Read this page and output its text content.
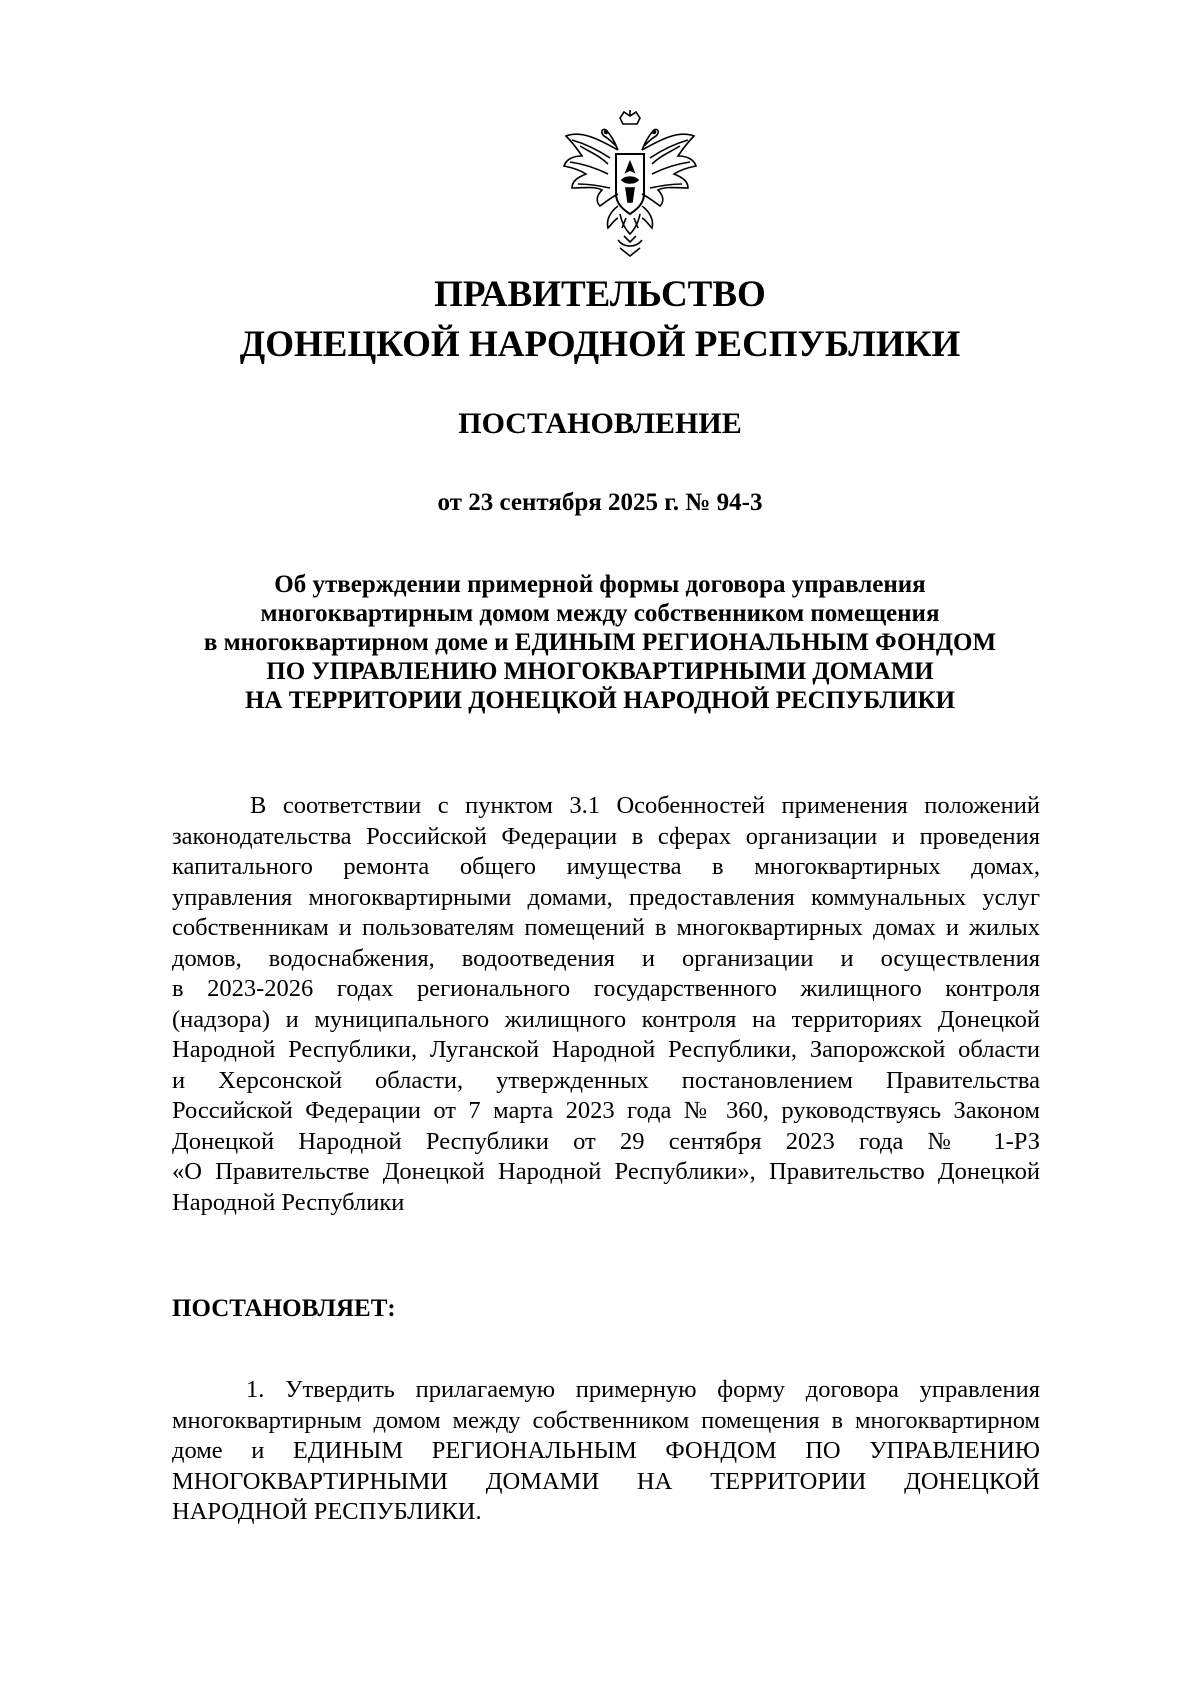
ПРАВИТЕЛЬСТВО
ДОНЕЦКОЙ НАРОДНОЙ РЕСПУБЛИКИ
ПОСТАНОВЛЕНИЕ

от 23 сентября 2025 г. № 94-3

Об утверждении примерной формы договора управления
многоквартирным домом между собственником помещения
в многоквартирном доме и ЕДИНЫМ РЕГИОНАЛЬНЫМ ФОНДОМ
ПО УПРАВЛЕНИЮ МНОГОКВАРТИРНЫМИ ДОМАМИ
НА ТЕРРИТОРИИ ДОНЕЦКОЙ НАРОДНОЙ РЕСПУБЛИКИ
В соответствии с пунктом 3.1 Особенностей применения положений
законодательства Российской Федерации в сферах организации и проведения
капитального ремонта общего имущества в многоквартирных домах,
управления многоквартирными домами, предоставления коммунальных услуг
собственникам и пользователям помещений в многоквартирных домах и жилых
домов, водоснабжения, водоотведения и организации и осуществления
в 2023-2026 годах регионального государственного жилищного контроля
(надзора) и муниципального жилищного контроля на территориях Донецкой
Народной Республики, Луганской Народной Республики, Запорожской области
и Херсонской области, утвержденных постановлением Правительства
Российской Федерации от 7 марта 2023 года № 360, руководствуясь Законом
Донецкой Народной Республики от 29 сентября 2023 года № 1-РЗ
«О Правительстве Донецкой Народной Республики», Правительство Донецкой
Народной Республики

ПОСТАНОВЛЯЕТ:

1. Утвердить прилагаемую примерную форму договора управления
многоквартирным домом между собственником помещения в многоквартирном
доме и ЕДИНЫМ РЕГИОНАЛЬНЫМ ФОНДОМ ПО УПРАВЛЕНИЮ
МНОГОКВАРТИРНЫМИ ДОМАМИ НА ТЕРРИТОРИИ ДОНЕЦКОЙ
НАРОДНОЙ РЕСПУБЛИКИ.
